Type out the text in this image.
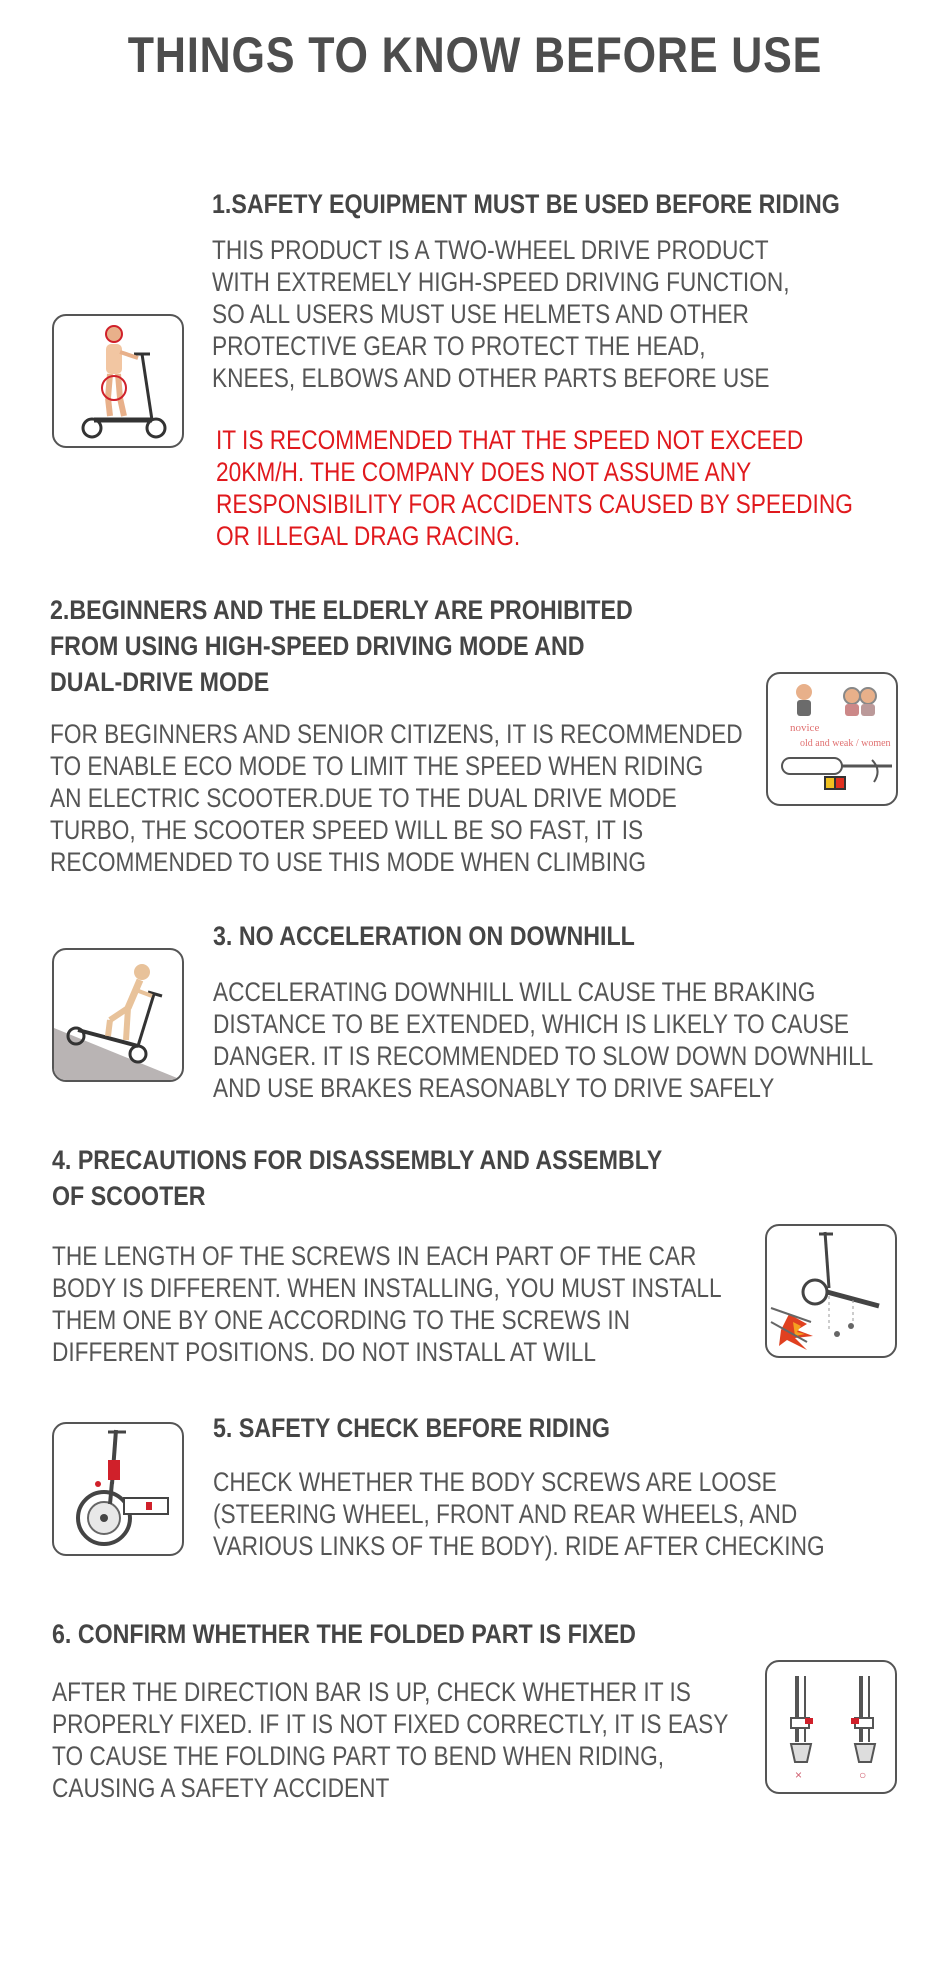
THINGS TO KNOW BEFORE USE
1.SAFETY EQUIPMENT MUST BE USED BEFORE RIDING
THIS PRODUCT IS A TWO-WHEEL DRIVE PRODUCT
WITH EXTREMELY HIGH-SPEED DRIVING FUNCTION,
SO ALL USERS MUST USE HELMETS AND OTHER
PROTECTIVE GEAR TO PROTECT THE HEAD,
KNEES, ELBOWS AND OTHER PARTS BEFORE USE
IT IS RECOMMENDED THAT THE SPEED NOT EXCEED
20KM/H. THE COMPANY DOES NOT ASSUME ANY
RESPONSIBILITY FOR ACCIDENTS CAUSED BY SPEEDING
OR ILLEGAL DRAG RACING.
2.BEGINNERS AND THE ELDERLY ARE PROHIBITED
FROM USING HIGH-SPEED DRIVING MODE AND
DUAL-DRIVE MODE
FOR BEGINNERS AND SENIOR CITIZENS, IT IS RECOMMENDED
TO ENABLE ECO MODE TO LIMIT THE SPEED WHEN RIDING
AN ELECTRIC SCOOTER.DUE TO THE DUAL DRIVE MODE
TURBO, THE SCOOTER SPEED WILL BE SO FAST, IT IS
RECOMMENDED TO USE THIS MODE WHEN CLIMBING
novice
old and weak / women
3. NO ACCELERATION ON DOWNHILL
ACCELERATING DOWNHILL WILL CAUSE THE BRAKING
DISTANCE TO BE EXTENDED, WHICH IS LIKELY TO CAUSE
DANGER. IT IS RECOMMENDED TO SLOW DOWN DOWNHILL
AND USE BRAKES REASONABLY TO DRIVE SAFELY
4. PRECAUTIONS FOR DISASSEMBLY AND ASSEMBLY
OF SCOOTER
THE LENGTH OF THE SCREWS IN EACH PART OF THE CAR
BODY IS DIFFERENT. WHEN INSTALLING, YOU MUST INSTALL
THEM ONE BY ONE ACCORDING TO THE SCREWS IN
DIFFERENT POSITIONS. DO NOT INSTALL AT WILL
5. SAFETY CHECK BEFORE RIDING
CHECK WHETHER THE BODY SCREWS ARE LOOSE
(STEERING WHEEL, FRONT AND REAR WHEELS, AND
VARIOUS LINKS OF THE BODY). RIDE AFTER CHECKING
6. CONFIRM WHETHER THE FOLDED PART IS FIXED
AFTER THE DIRECTION BAR IS UP, CHECK WHETHER IT IS
PROPERLY FIXED. IF IT IS NOT FIXED CORRECTLY, IT IS EASY
TO CAUSE THE FOLDING PART TO BEND WHEN RIDING,
CAUSING A SAFETY ACCIDENT	×	○
